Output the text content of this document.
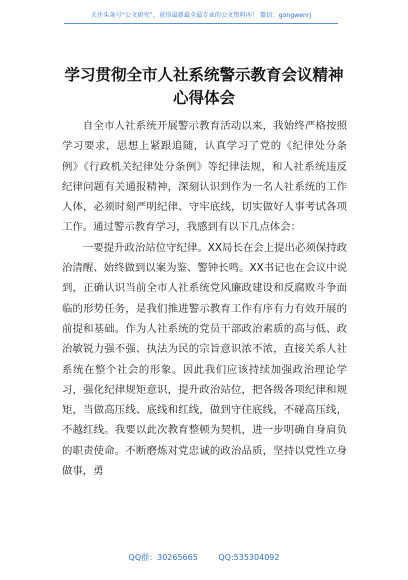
关注头条号“公文研究”，获得最新最全最专业的公文资料库！ 微信：gongwenrj
学习贯彻全市人社系统警示教育会议精神
心得体会

自全市人社系统开展警示教育活动以来，我始终严格按照学习要求，思想上紧跟追随，认真学习了党的《纪律处分条例》《行政机关纪律处分条例》等纪律法规，和人社系统违反纪律问题有关通报精神，深刻认识到作为一名人社系统的工作人体，必须时刻严明纪律、守牢底线，切实做好人事考试各项工作。通过警示教育学习，我感到有以下几点体会：

一要提升政治站位守纪律。XX局长在会上提出必须保持政治清醒、始终做到以案为鉴、警钟长鸣。XX书记也在会议中说到，正确认识当前全市人社系统党风廉政建设和反腐败斗争面临的形势任务，是我们推进警示教育工作有序有力有效开展的前提和基础。作为人社系统的党员干部政治素质的高与低、政治敏锐力强不强、执法为民的宗旨意识浓不浓，直接关系人社系统在整个社会的形象。因此我们应该持续加强政治理论学习，强化纪律规矩意识，提升政治站位，把各级各项纪律和规矩，当做高压线、底线和红线，做到守住底线，不碰高压线，不越红线。我要以此次教育整顿为契机，进一步明确自身肩负的职责使命。不断磨炼对党忠诚的政治品质，坚持以党性立身做事，勇

QQ群：30265665	QQ:535304092
